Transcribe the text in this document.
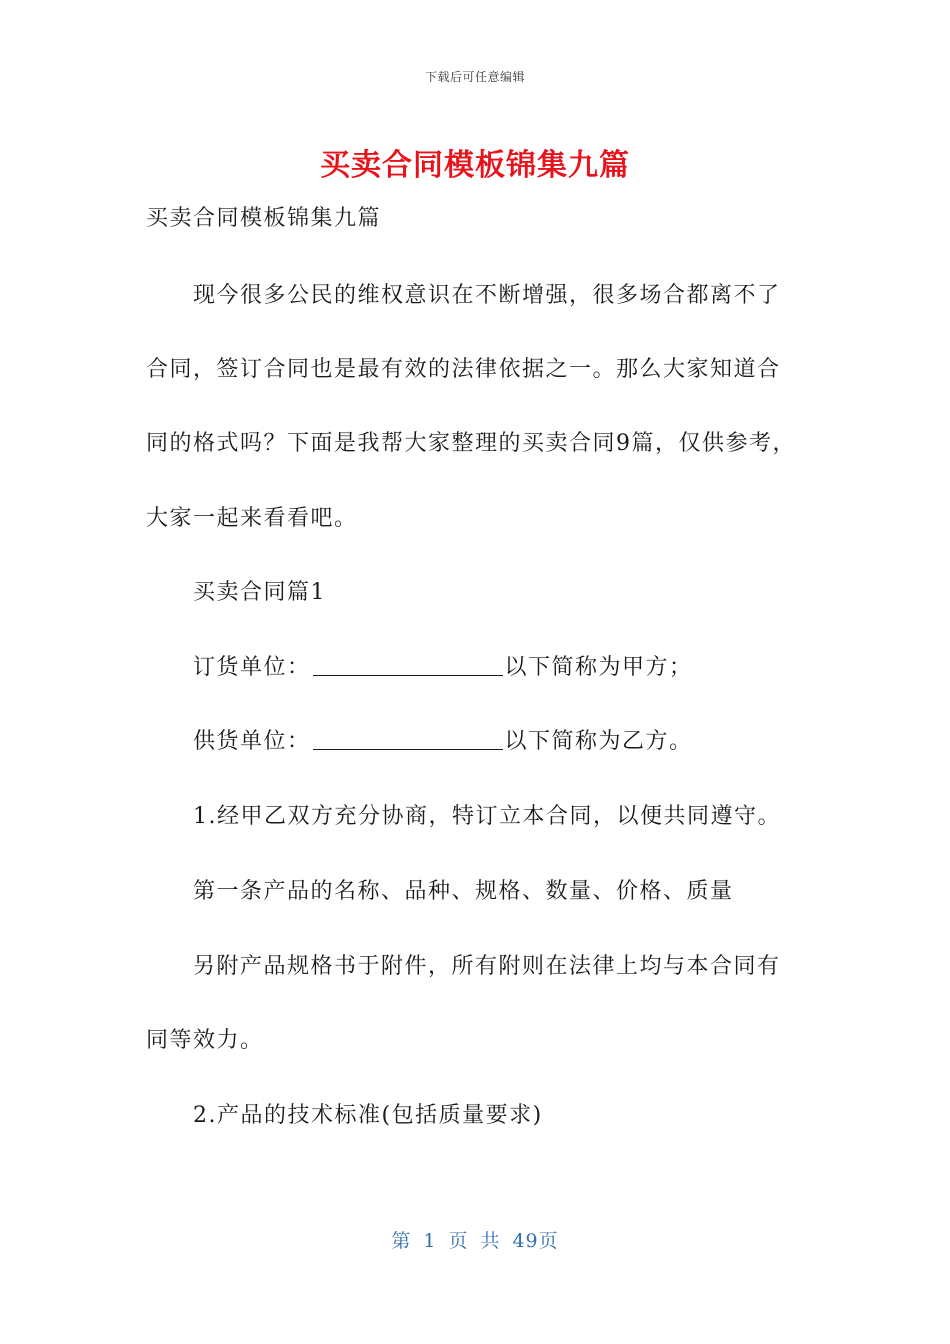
下载后可任意编辑
买卖合同模板锦集九篇
买卖合同模板锦集九篇
现今很多公民的维权意识在不断增强，很多场合都离不了
合同，签订合同也是最有效的法律依据之一。那么大家知道合
同的格式吗？下面是我帮大家整理的买卖合同9篇，仅供参考，
大家一起来看看吧。
买卖合同篇1
订货单位：	以下简称为甲方；
供货单位：	以下简称为乙方。
1.经甲乙双方充分协商，特订立本合同，以便共同遵守。
第一条产品的名称、品种、规格、数量、价格、质量
另附产品规格书于附件，所有附则在法律上均与本合同有
同等效力。
2.产品的技术标准(包括质量要求)
第 1 页 共 49页
